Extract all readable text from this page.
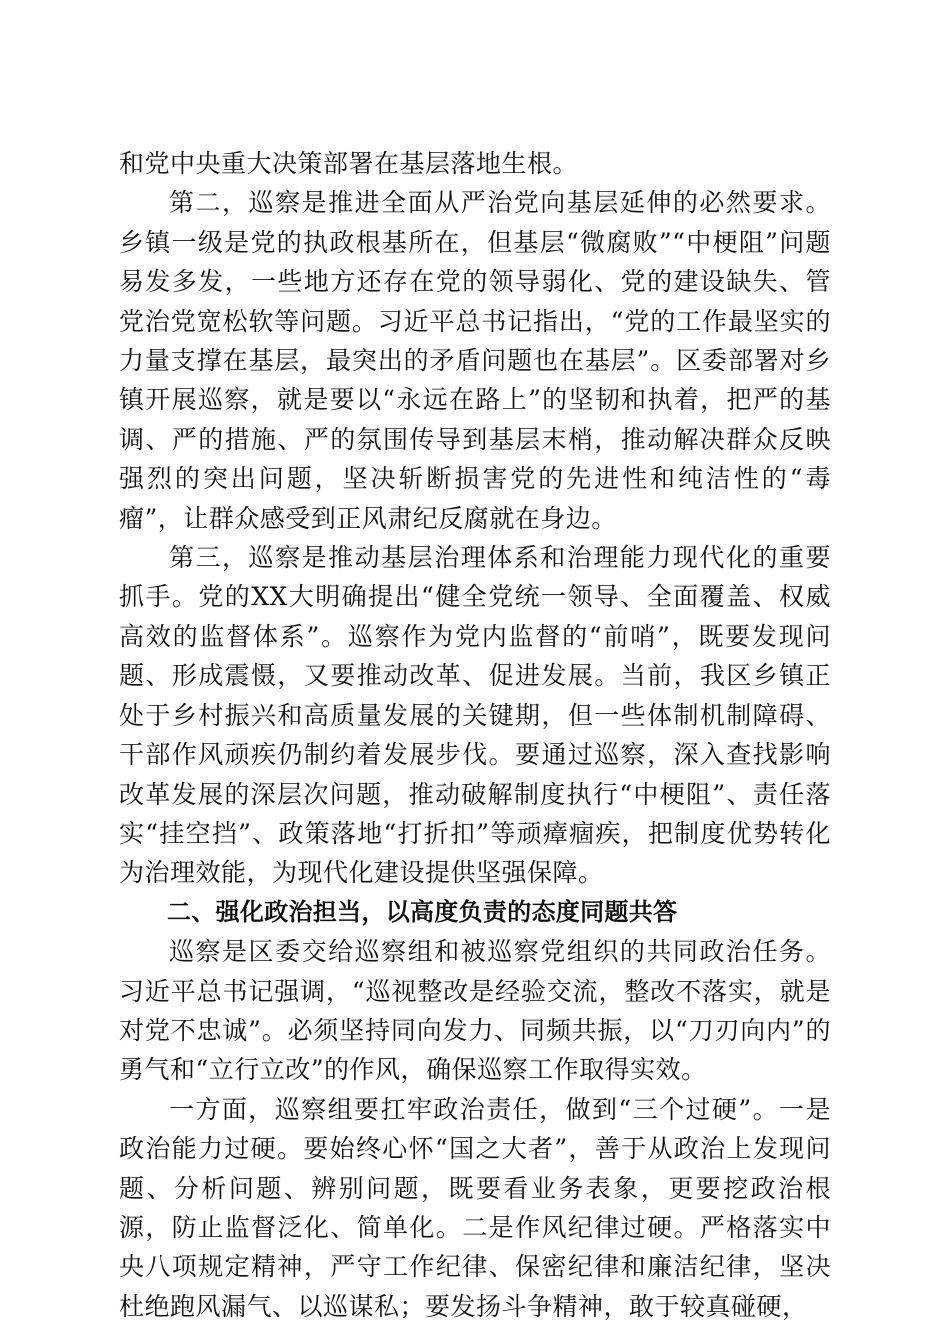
和党中央重大决策部署在基层落地生根。

第二，巡察是推进全面从严治党向基层延伸的必然要求。乡镇一级是党的执政根基所在，但基层“微腐败”“中梗阻”问题易发多发，一些地方还存在党的领导弱化、党的建设缺失、管党治党宽松软等问题。习近平总书记指出，“党的工作最坚实的力量支撑在基层，最突出的矛盾问题也在基层”。区委部署对乡镇开展巡察，就是要以“永远在路上”的坚韧和执着，把严的基调、严的措施、严的氛围传导到基层末梢，推动解决群众反映强烈的突出问题，坚决斩断损害党的先进性和纯洁性的“毒瘤”，让群众感受到正风肃纪反腐就在身边。

第三，巡察是推动基层治理体系和治理能力现代化的重要抓手。党的XX大明确提出“健全党统一领导、全面覆盖、权威高效的监督体系”。巡察作为党内监督的“前哨”，既要发现问题、形成震慑，又要推动改革、促进发展。当前，我区乡镇正处于乡村振兴和高质量发展的关键期，但一些体制机制障碍、干部作风顽疾仍制约着发展步伐。要通过巡察，深入查找影响改革发展的深层次问题，推动破解制度执行“中梗阻”、责任落实“挂空挡”、政策落地“打折扣”等顽瘴痼疾，把制度优势转化为治理效能，为现代化建设提供坚强保障。

二、强化政治担当，以高度负责的态度同题共答

巡察是区委交给巡察组和被巡察党组织的共同政治任务。习近平总书记强调，“巡视整改是经验交流，整改不落实，就是对党不忠诚”。必须坚持同向发力、同频共振，以“刀刃向内”的勇气和“立行立改”的作风，确保巡察工作取得实效。

一方面，巡察组要扛牢政治责任，做到“三个过硬”。一是政治能力过硬。要始终心怀“国之大者”，善于从政治上发现问题、分析问题、辨别问题，既要看业务表象，更要挖政治根源，防止监督泛化、简单化。二是作风纪律过硬。严格落实中央八项规定精神，严守工作纪律、保密纪律和廉洁纪律，坚决杜绝跑风漏气、以巡谋私；要发扬斗争精神，敢于较真碰硬，
